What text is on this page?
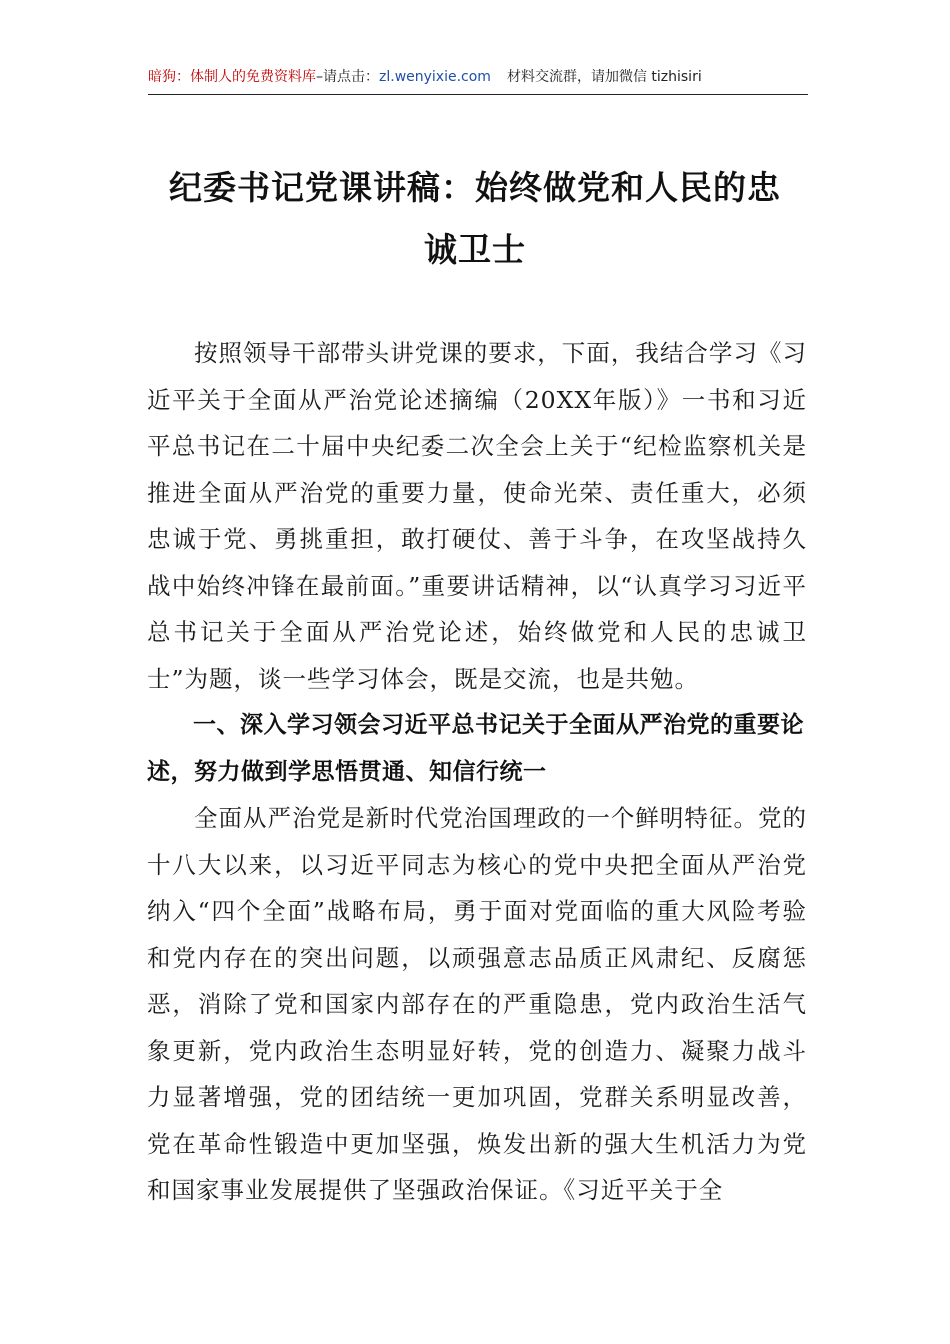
暗狗：体制人的免费资料库–请点击：zl.wenyixie.com 材料交流群，请加微信 tizhisiri
纪委书记党课讲稿：始终做党和人民的忠
诚卫士

按照领导干部带头讲党课的要求，下面，我结合学习《习近平关于全面从严治党论述摘编（20XX年版）》一书和习近平总书记在二十届中央纪委二次全会上关于“纪检监察机关是推进全面从严治党的重要力量，使命光荣、责任重大，必须忠诚于党、勇挑重担，敢打硬仗、善于斗争，在攻坚战持久战中始终冲锋在最前面。”重要讲话精神，以“认真学习习近平总书记关于全面从严治党论述，始终做党和人民的忠诚卫士”为题，谈一些学习体会，既是交流，也是共勉。

一、深入学习领会习近平总书记关于全面从严治党的重要论述，努力做到学思悟贯通、知信行统一

全面从严治党是新时代党治国理政的一个鲜明特征。党的十八大以来，以习近平同志为核心的党中央把全面从严治党纳入“四个全面”战略布局，勇于面对党面临的重大风险考验和党内存在的突出问题，以顽强意志品质正风肃纪、反腐惩恶，消除了党和国家内部存在的严重隐患，党内政治生活气象更新，党内政治生态明显好转，党的创造力、凝聚力战斗力显著增强，党的团结统一更加巩固，党群关系明显改善，党在革命性锻造中更加坚强，焕发出新的强大生机活力为党和国家事业发展提供了坚强政治保证。《习近平关于全
